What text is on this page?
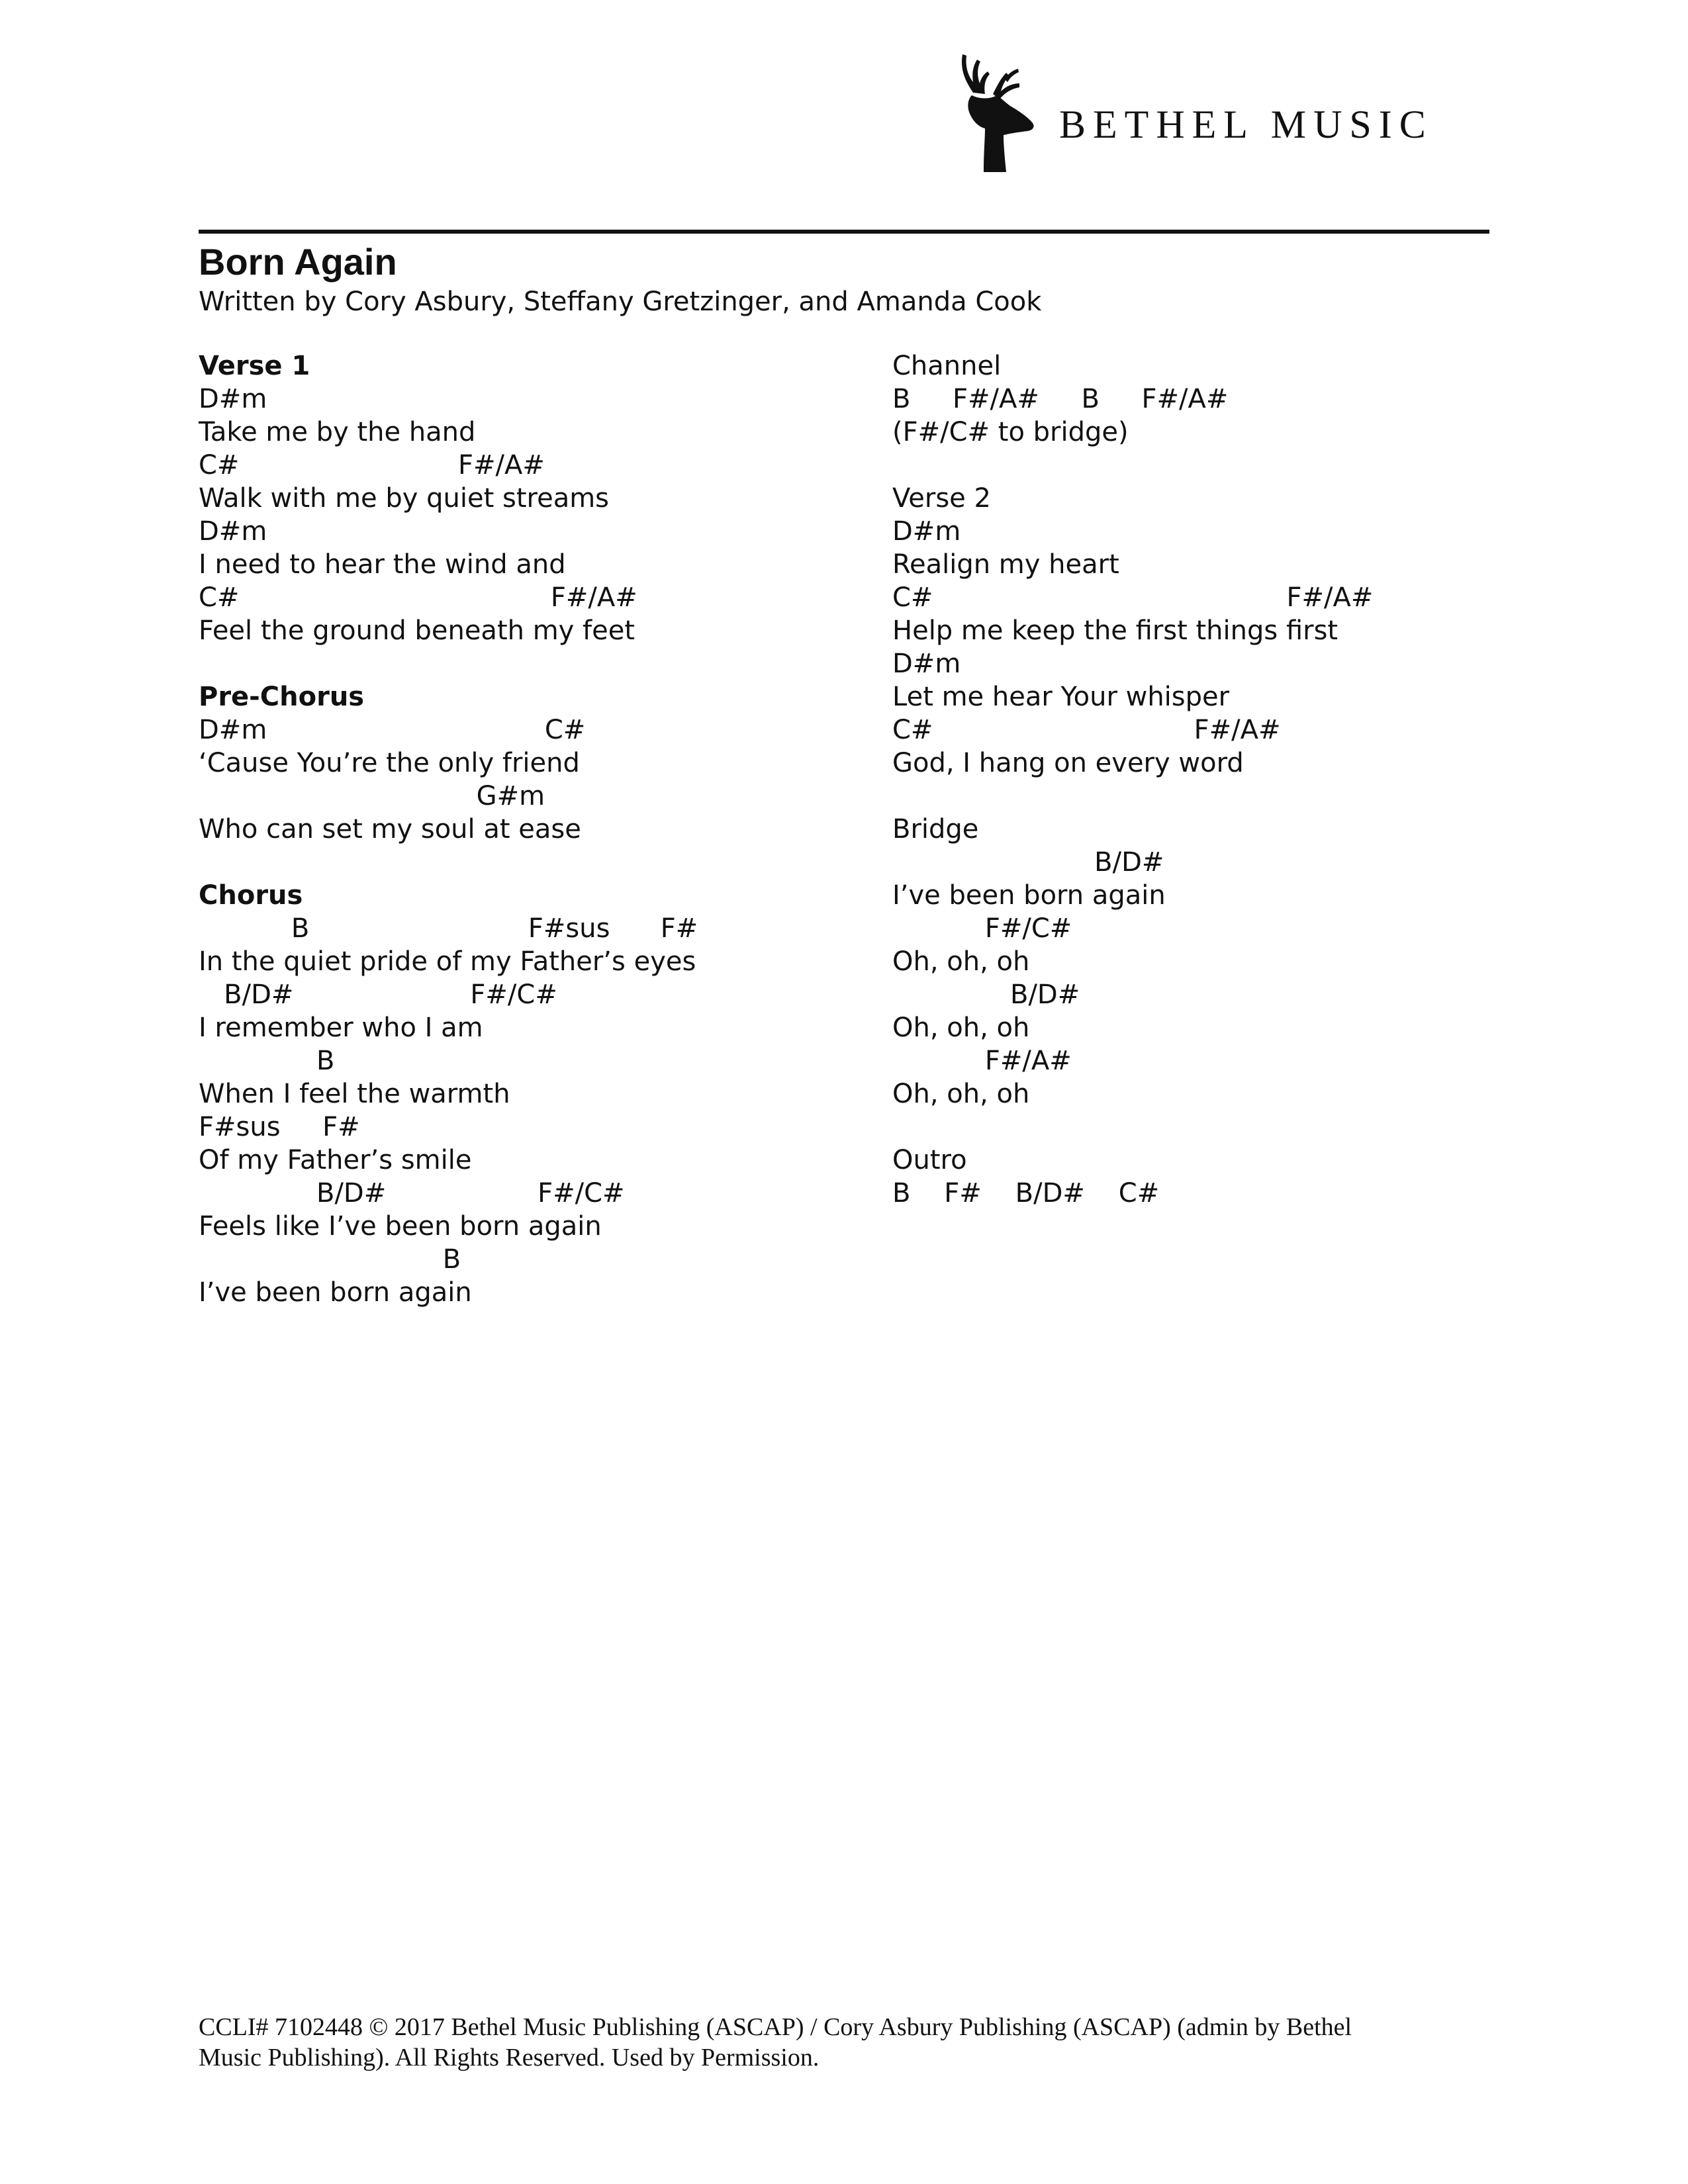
BETHEL MUSIC
Born Again
Written by Cory Asbury, Steffany Gretzinger, and Amanda Cook
Verse 1
D#m
Take me by the hand
C#                          F#/A#
Walk with me by quiet streams
D#m
I need to hear the wind and
C#                                     F#/A#
Feel the ground beneath my feet
Pre-Chorus
D#m                                 C#
‘Cause You’re the only friend
G#m
Who can set my soul at ease
Chorus
B                          F#sus      F#
In the quiet pride of my Father’s eyes
B/D#                     F#/C#
I remember who I am
B
When I feel the warmth
F#sus     F#
Of my Father’s smile
B/D#                  F#/C#
Feels like I’ve been born again
B
I’ve been born again
Channel
B     F#/A#     B     F#/A#
(F#/C# to bridge)
Verse 2
D#m
Realign my heart
C#                                          F#/A#
Help me keep the first things first
D#m
Let me hear Your whisper
C#                               F#/A#
God, I hang on every word
Bridge
B/D#
I’ve been born again
F#/C#
Oh, oh, oh
B/D#
Oh, oh, oh
F#/A#
Oh, oh, oh
Outro
B    F#    B/D#    C#
CCLI# 7102448 © 2017 Bethel Music Publishing (ASCAP) / Cory Asbury Publishing (ASCAP) (admin by Bethel
Music Publishing). All Rights Reserved. Used by Permission.
